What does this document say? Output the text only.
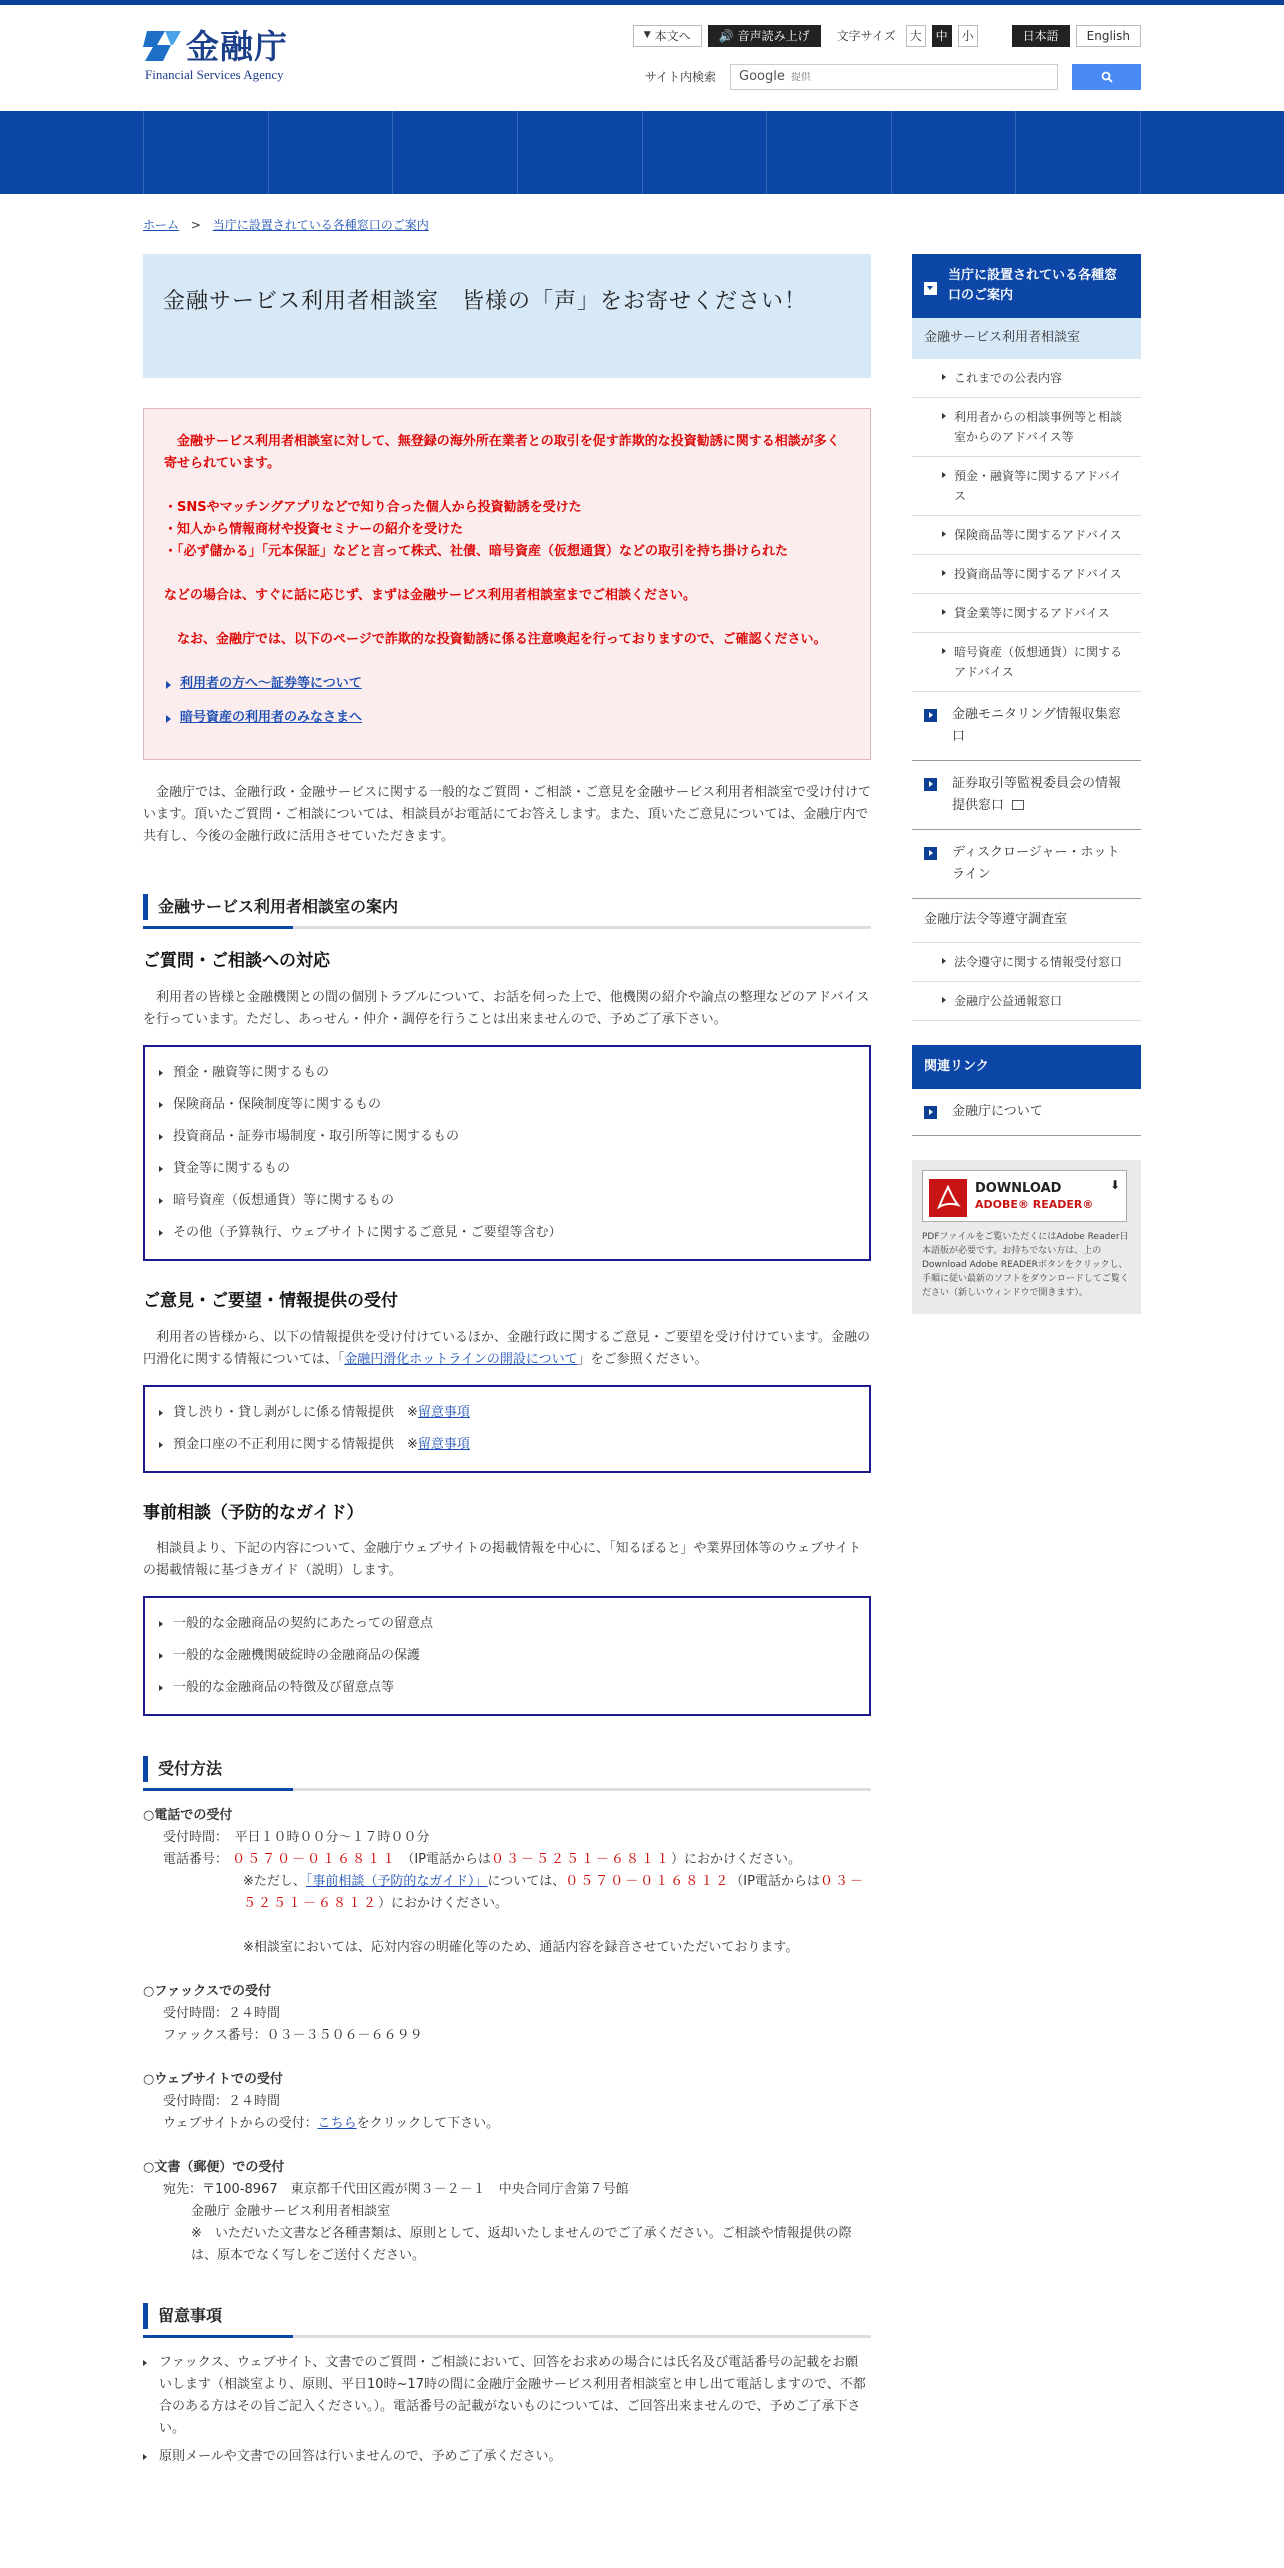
金融庁
Financial Services Agency
▼ 本文へ 🔊 音声読み上げ 文字サイズ	大	中	小	日本語	English
サイト内検索 Google
提供
ホーム > 当庁に設置されている各種窓口のご案内
金融サービス利用者相談室　皆様の「声」をお寄せください！

　金融サービス利用者相談室に対して、無登録の海外所在業者との取引を促す詐欺的な投資勧誘に関する相談が多く寄せられています。

・SNSやマッチングアプリなどで知り合った個人から投資勧誘を受けた

・知人から情報商材や投資セミナーの紹介を受けた

・「必ず儲かる」「元本保証」などと言って株式、社債、暗号資産（仮想通貨）などの取引を持ち掛けられた

などの場合は、すぐに話に応じず、まずは金融サービス利用者相談室までご相談ください。

　なお、金融庁では、以下のページで詐欺的な投資勧誘に係る注意喚起を行っておりますので、ご確認ください。

利用者の方へ～証券等について
暗号資産の利用者のみなさまへ

金融庁では、金融行政・金融サービスに関する一般的なご質問・ご相談・ご意見を金融サービス利用者相談室で受け付けています。頂いたご質問・ご相談については、相談員がお電話にてお答えします。また、頂いたご意見については、金融庁内で共有し、今後の金融行政に活用させていただきます。

金融サービス利用者相談室の案内
ご質問・ご相談への対応

利用者の皆様と金融機関との間の個別トラブルについて、お話を伺った上で、他機関の紹介や論点の整理などのアドバイスを行っています。ただし、あっせん・仲介・調停を行うことは出来ませんので、予めご了承下さい。

預金・融資等に関するもの
保険商品・保険制度等に関するもの
投資商品・証券市場制度・取引所等に関するもの
貸金等に関するもの
暗号資産（仮想通貨）等に関するもの
その他（予算執行、ウェブサイトに関するご意見・ご要望等含む）
ご意見・ご要望・情報提供の受付

利用者の皆様から、以下の情報提供を受け付けているほか、金融行政に関するご意見・ご要望を受け付けています。金融の円滑化に関する情報については、「金融円滑化ホットラインの開設について」をご参照ください。

貸し渋り・貸し剥がしに係る情報提供　※留意事項
預金口座の不正利用に関する情報提供　※留意事項
事前相談（予防的なガイド）

相談員より、下記の内容について、金融庁ウェブサイトの掲載情報を中心に、「知るぽると」や業界団体等のウェブサイトの掲載情報に基づきガイド（説明）します。

一般的な金融商品の契約にあたっての留意点
一般的な金融機関破綻時の金融商品の保護
一般的な金融商品の特徴及び留意点等
受付方法
○電話での受付
受付時間：　平日１０時００分～１７時００分
電話番号： ０５７０－０１６８１１ （IP電話からは０３－５２５１－６８１１）におかけください。
※ただし、「事前相談（予防的なガイド）」については、０５７０－０１６８１２（IP電話からは０３－５２５１－６８１２）におかけください。
※相談室においては、応対内容の明確化等のため、通話内容を録音させていただいております。
○ファックスでの受付
受付時間：２４時間
ファックス番号：０３－３５０６－６６９９
○ウェブサイトでの受付
受付時間：２４時間
ウェブサイトからの受付：こちらをクリックして下さい。
○文書（郵便）での受付
宛先：〒100-8967　東京都千代田区霞が関３－２－１　中央合同庁舎第７号館
金融庁 金融サービス利用者相談室
※　いただいた文書など各種書類は、原則として、返却いたしませんのでご了承ください。ご相談や情報提供の際は、原本でなく写しをご送付ください。
留意事項
ファックス、ウェブサイト、文書でのご質問・ご相談において、回答をお求めの場合には氏名及び電話番号の記載をお願いします（相談室より、原則、平日10時~17時の間に金融庁金融サービス利用者相談室と申し出て電話しますので、不都合のある方はその旨ご記入ください。）。電話番号の記載がないものについては、ご回答出来ませんので、予めご了承下さい。
原則メールや文書での回答は行いませんので、予めご了承ください。
当庁に設置されている各種窓口のご案内
金融サービス利用者相談室
これまでの公表内容
利用者からの相談事例等と相談室からのアドバイス等
預金・融資等に関するアドバイス
保険商品等に関するアドバイス
投資商品等に関するアドバイス
貸金業等に関するアドバイス
暗号資産（仮想通貨）に関するアドバイス
金融モニタリング情報収集窓口
証券取引等監視委員会の情報提供窓口
ディスクロージャー・ホットライン
金融庁法令等遵守調査室
法令遵守に関する情報受付窓口
金融庁公益通報窓口
関連リンク
金融庁について
DOWNLOAD
ADOBE® READER®
⬇

PDFファイルをご覧いただくにはAdobe Reader日本語版が必要です。お持ちでない方は、上のDownload Adobe READERボタンをクリックし、手順に従い最新のソフトをダウンロードしてご覧ください（新しいウィンドウで開きます）。
